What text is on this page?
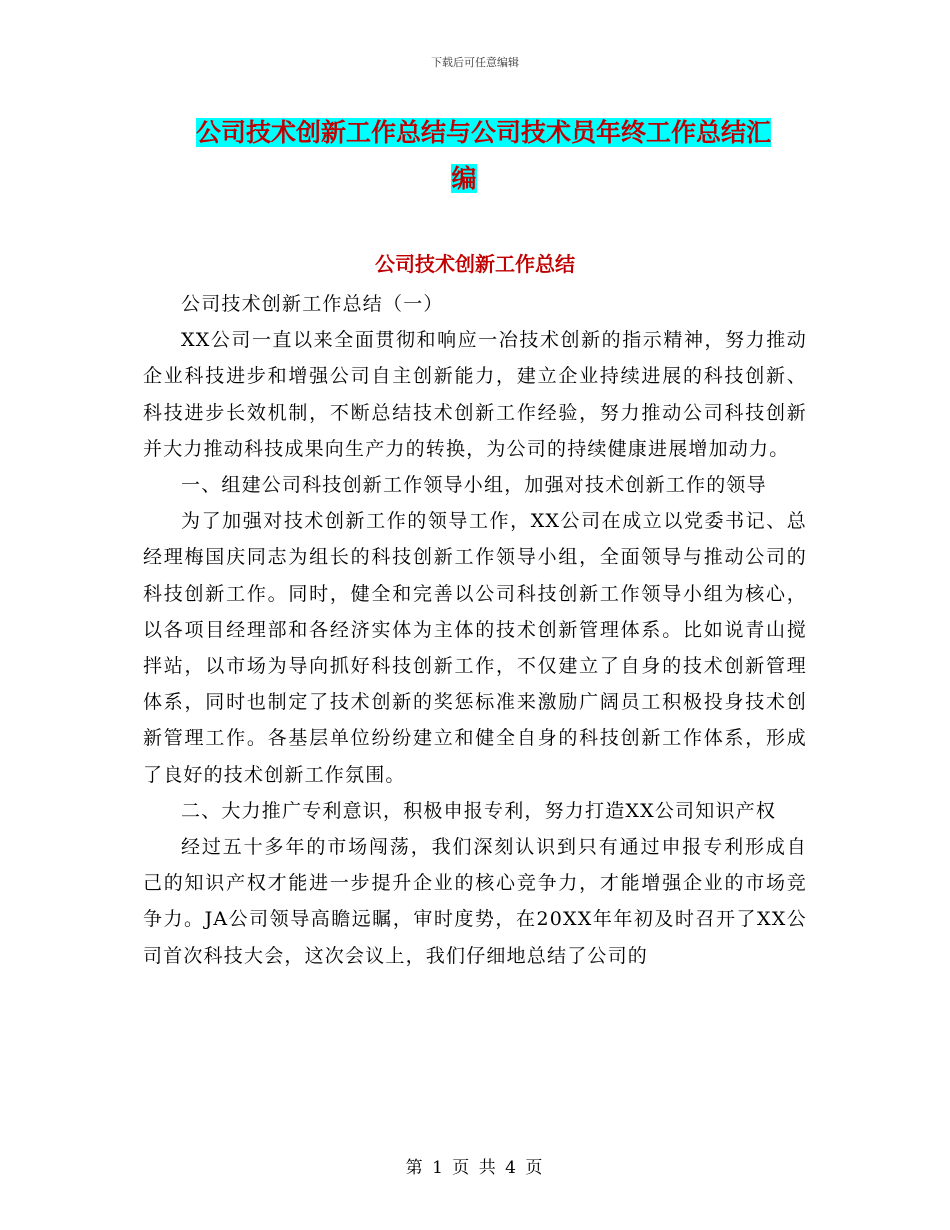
下载后可任意编辑
公司技术创新工作总结与公司技术员年终工作总结汇
编
公司技术创新工作总结

公司技术创新工作总结（一）

XX公司一直以来全面贯彻和响应一冶技术创新的指示精神，努力推动企业科技进步和增强公司自主创新能力，建立企业持续进展的科技创新、科技进步长效机制，不断总结技术创新工作经验，努力推动公司科技创新并大力推动科技成果向生产力的转换，为公司的持续健康进展增加动力。

一、组建公司科技创新工作领导小组，加强对技术创新工作的领导

为了加强对技术创新工作的领导工作，XX公司在成立以党委书记、总经理梅国庆同志为组长的科技创新工作领导小组，全面领导与推动公司的科技创新工作。同时，健全和完善以公司科技创新工作领导小组为核心，以各项目经理部和各经济实体为主体的技术创新管理体系。比如说青山搅拌站，以市场为导向抓好科技创新工作，不仅建立了自身的技术创新管理体系，同时也制定了技术创新的奖惩标准来激励广阔员工积极投身技术创新管理工作。各基层单位纷纷建立和健全自身的科技创新工作体系，形成了良好的技术创新工作氛围。

二、大力推广专利意识，积极申报专利，努力打造XX公司知识产权

经过五十多年的市场闯荡，我们深刻认识到只有通过申报专利形成自己的知识产权才能进一步提升企业的核心竞争力，才能增强企业的市场竞争力。JA公司领导高瞻远瞩，审时度势，在20XX年年初及时召开了XX公司首次科技大会，这次会议上，我们仔细地总结了公司的

第 1 页 共 4 页
